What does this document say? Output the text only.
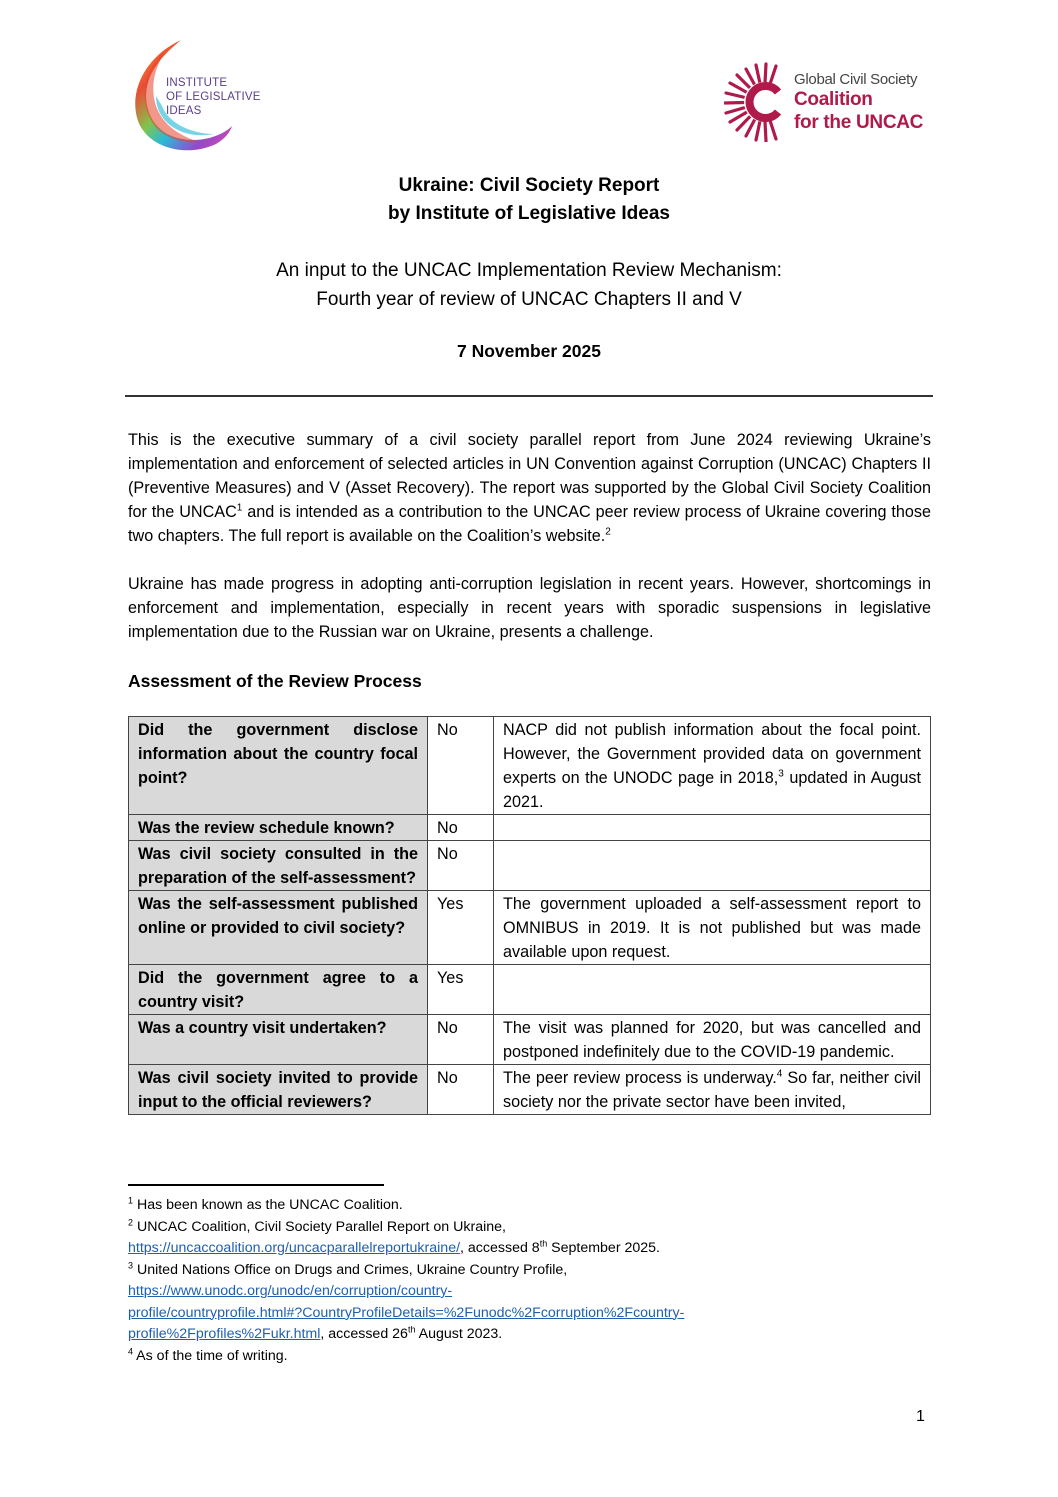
INSTITUTE
OF LEGISLATIVE
IDEAS
Global Civil Society
Coalition
for the UNCAC
Ukraine: Civil Society Report
by Institute of Legislative Ideas
An input to the UNCAC Implementation Review Mechanism:
Fourth year of review of UNCAC Chapters II and V
7 November 2025
This is the executive summary of a civil society parallel report from June 2024 reviewing Ukraine’s implementation and enforcement of selected articles in UN Convention against Corruption (UNCAC) Chapters II (Preventive Measures) and V (Asset Recovery). The report was supported by the Global Civil Society Coalition for the UNCAC$^1$ and is intended as a contribution to the UNCAC peer review process of Ukraine covering those two chapters. The full report is available on the Coalition’s website.$^2$
Ukraine has made progress in adopting anti-corruption legislation in recent years. However, shortcomings in enforcement and implementation, especially in recent years with sporadic suspensions in legislative implementation due to the Russian war on Ukraine, presents a challenge.
Assessment of the Review Process
Did the government disclose information about the country focal point?	No	NACP did not publish information about the focal point. However, the Government provided data on government experts on the UNODC page in 2018,$^3$ updated in August 2021.
Was the review schedule known?	No	
Was civil society consulted in the preparation of the self-assessment?	No	
Was the self-assessment published online or provided to civil society?	Yes	The government uploaded a self-assessment report to OMNIBUS in 2019. It is not published but was made available upon request.
Did the government agree to a country visit?	Yes	
Was a country visit undertaken?	No	The visit was planned for 2020, but was cancelled and postponed indefinitely due to the COVID-19 pandemic.
Was civil society invited to provide input to the official reviewers?	No	The peer review process is underway.$^4$ So far, neither civil society nor the private sector have been invited,

$^1$ Has been known as the UNCAC Coalition.

$^2$ UNCAC Coalition, Civil Society Parallel Report on Ukraine,
https://uncaccoalition.org/uncacparallelreportukraine/, accessed 8th September 2025.

$^3$ United Nations Office on Drugs and Crimes, Ukraine Country Profile,
https://www.unodc.org/unodc/en/corruption/country-
profile/countryprofile.html#?CountryProfileDetails=%2Funodc%2Fcorruption%2Fcountry-
profile%2Fprofiles%2Fukr.html, accessed 26th August 2023.

$^4$ As of the time of writing.

1
